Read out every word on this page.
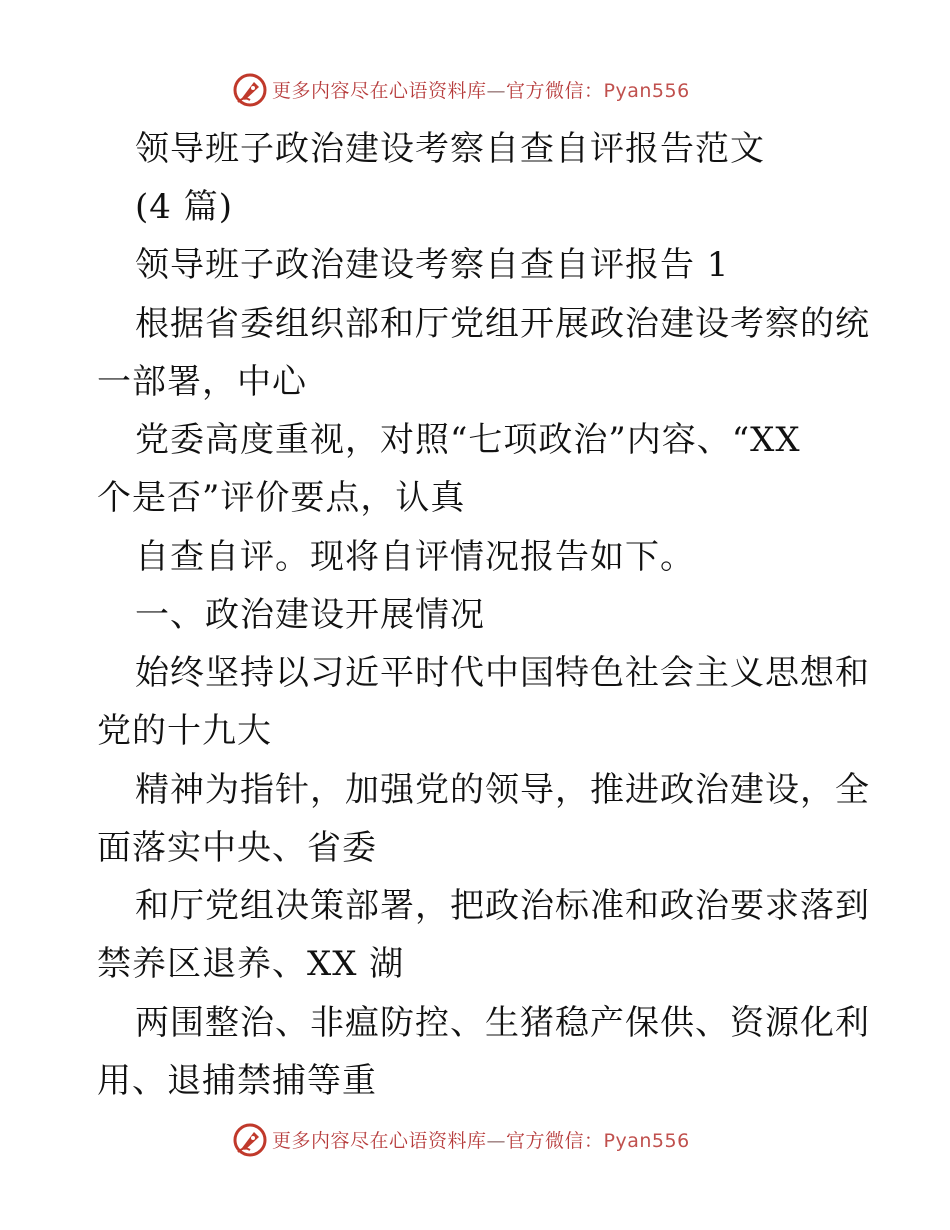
更多内容尽在心语资料库—官方微信：Pyan556
领导班子政治建设考察自查自评报告范文
(4 篇)
领导班子政治建设考察自查自评报告 1
根据省委组织部和厅党组开展政治建设考察的统
一部署，中心
党委高度重视，对照“七项政治”内容、“XX
个是否”评价要点，认真
自查自评。现将自评情况报告如下。
一、政治建设开展情况
始终坚持以习近平时代中国特色社会主义思想和
党的十九大
精神为指针，加强党的领导，推进政治建设，全
面落实中央、省委
和厅党组决策部署，把政治标准和政治要求落到
禁养区退养、XX 湖
两围整治、非瘟防控、生猪稳产保供、资源化利
用、退捕禁捕等重
更多内容尽在心语资料库—官方微信：Pyan556
